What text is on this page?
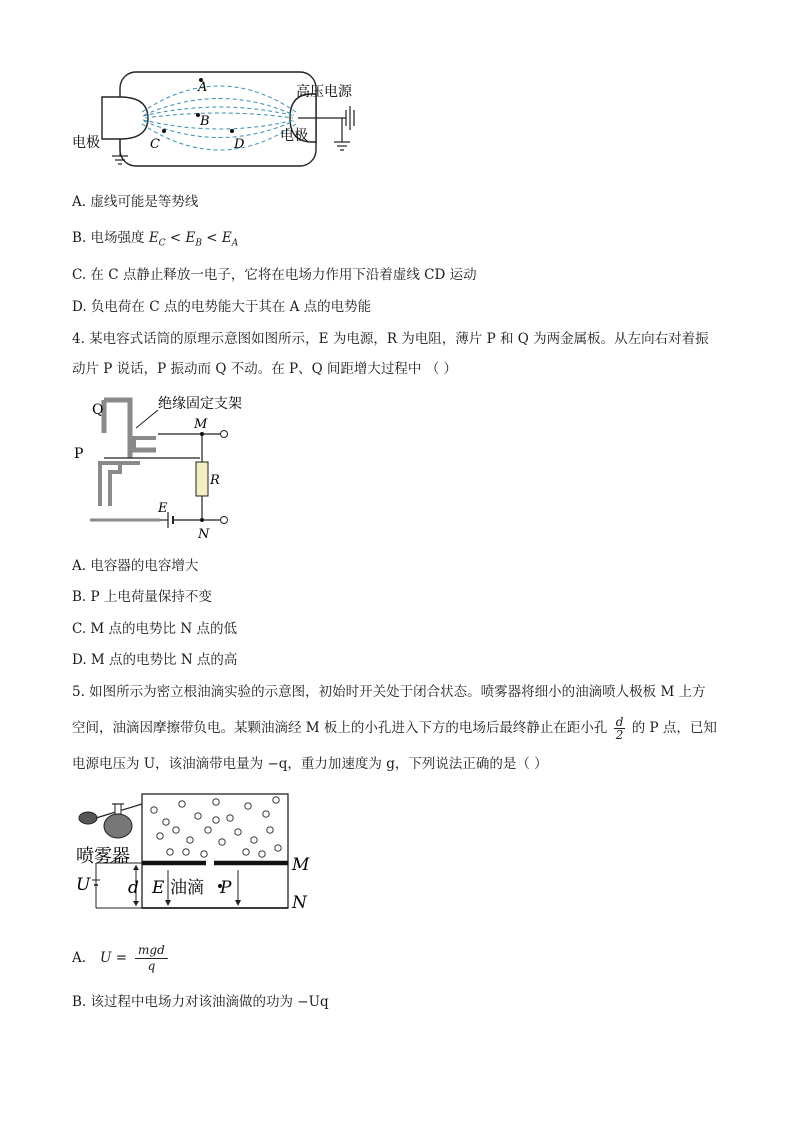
A
B
C	D
电极	电极
高压电源
A. 虚线可能是等势线
B. 电场强度 $E_C < E_B < E_A$
C. 在 C 点静止释放一电子，它将在电场力作用下沿着虚线 CD 运动
D. 负电荷在 C 点的电势能大于其在 A 点的电势能
4. 某电容式话筒的原理示意图如图所示，E 为电源，R 为电阻，薄片 P 和 Q 为两金属板。从左向右对着振
动片 P 说话，P 振动而 Q 不动。在 P、Q 间距增大过程中 （ ）
Q
P
绝缘固定支架
M
R
E
N
A. 电容器的电容增大
B. P 上电荷量保持不变
C. M 点的电势比 N 点的低
D. M 点的电势比 N 点的高
5. 如图所示为密立根油滴实验的示意图，初始时开关处于闭合状态。喷雾器将细小的油滴喷人极板 M 上方
空间，油滴因摩擦带负电。某颗油滴经 M 板上的小孔进入下方的电场后最终静止在距小孔 $\frac{d}{2}$ 的 P 点，已知
电源电压为 U，该油滴带电量为 −q，重力加速度为 g，下列说法正确的是（ ）
喷雾器
U d E 油滴 P
M
N
A. U =
mgd
q
B. 该过程中电场力对该油滴做的功为 −Uq
